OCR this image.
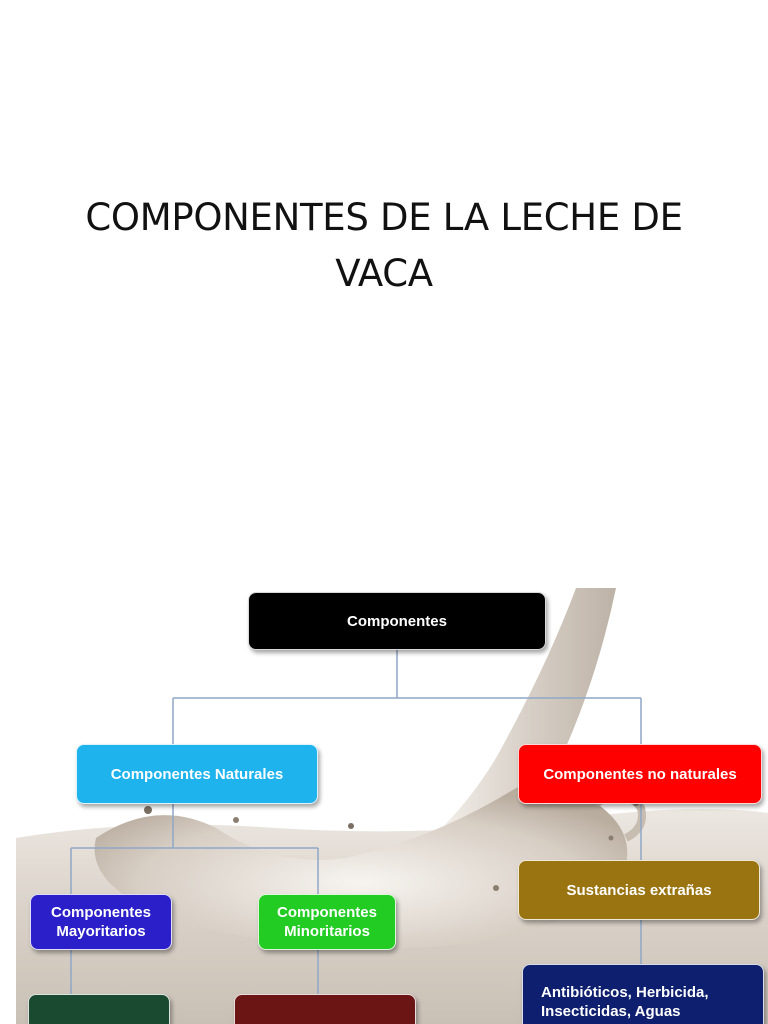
COMPONENTES DE LA LECHE DE
VACA
Componentes
Componentes Naturales	Componentes no naturales
Componentes
Mayoritarios
Componentes
Minoritarios
Sustancias extrañas
Antibióticos, Herbicida,
Insecticidas, Aguas
